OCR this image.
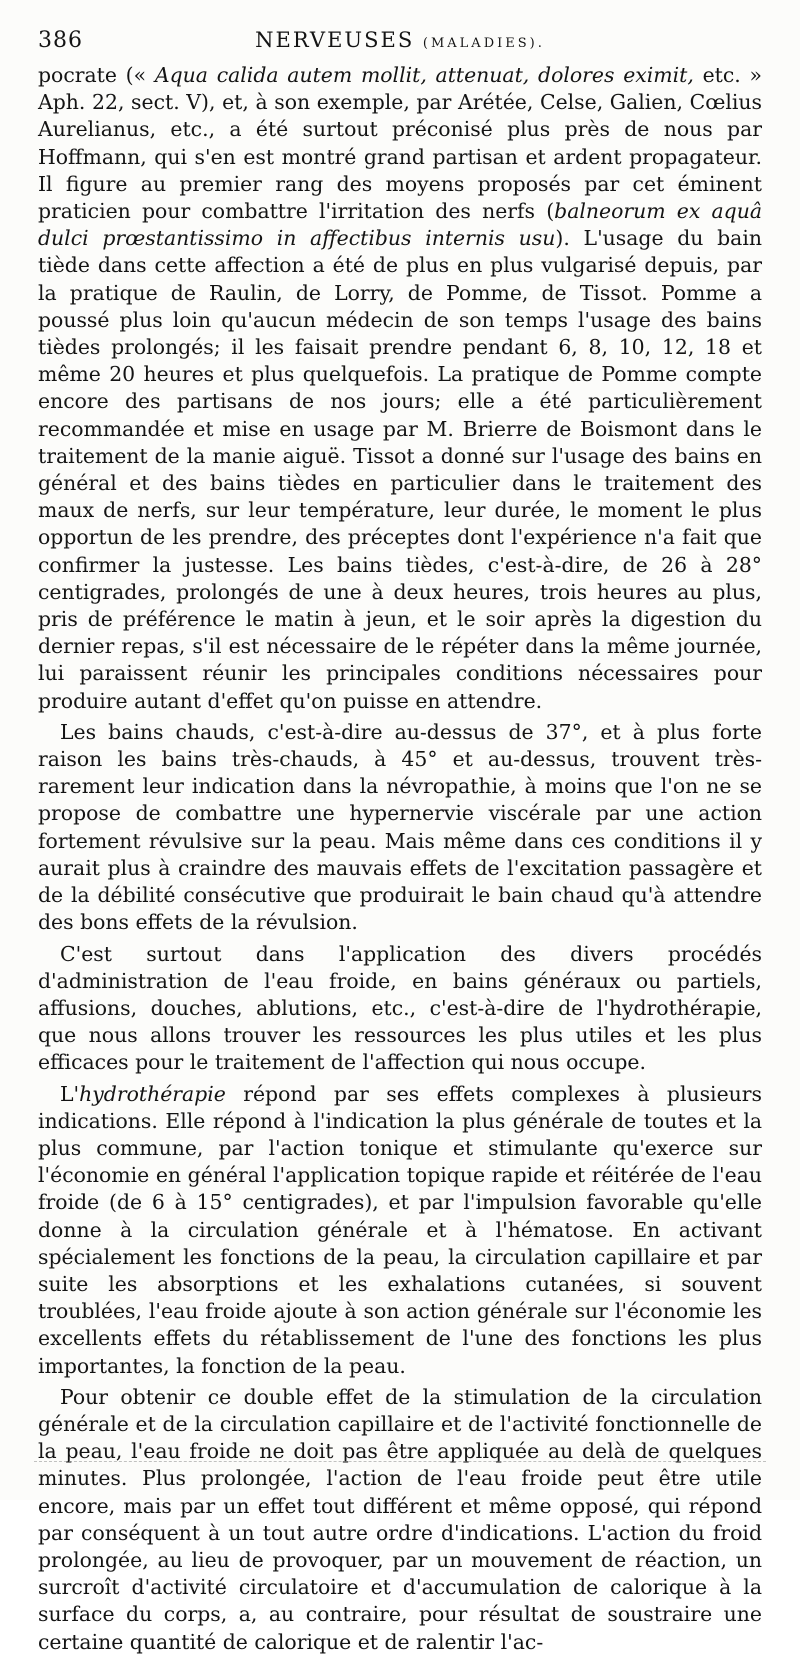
386	NERVEUSES (MALADIES).

pocrate (« Aqua calida autem mollit, attenuat, dolores eximit, etc. » Aph. 22, sect. V), et, à son exemple, par Arétée, Celse, Galien, Cœlius Aurelianus, etc., a été surtout préconisé plus près de nous par Hoffmann, qui s'en est montré grand partisan et ardent propagateur. Il figure au premier rang des moyens proposés par cet éminent praticien pour combattre l'irritation des nerfs (balneorum ex aquâ dulci prœstantissimo in affectibus internis usu). L'usage du bain tiède dans cette affection a été de plus en plus vulgarisé depuis, par la pratique de Raulin, de Lorry, de Pomme, de Tissot. Pomme a poussé plus loin qu'aucun médecin de son temps l'usage des bains tièdes prolongés; il les faisait prendre pendant 6, 8, 10, 12, 18 et même 20 heures et plus quelquefois. La pratique de Pomme compte encore des partisans de nos jours; elle a été particulièrement recommandée et mise en usage par M. Brierre de Boismont dans le traitement de la manie aiguë. Tissot a donné sur l'usage des bains en général et des bains tièdes en particulier dans le traitement des maux de nerfs, sur leur température, leur durée, le moment le plus opportun de les prendre, des préceptes dont l'expérience n'a fait que confirmer la justesse. Les bains tièdes, c'est-à-dire, de 26 à 28° centigrades, prolongés de une à deux heures, trois heures au plus, pris de préférence le matin à jeun, et le soir après la digestion du dernier repas, s'il est nécessaire de le répéter dans la même journée, lui paraissent réunir les principales conditions nécessaires pour produire autant d'effet qu'on puisse en attendre.

Les bains chauds, c'est-à-dire au-dessus de 37°, et à plus forte raison les bains très-chauds, à 45° et au-dessus, trouvent très-rarement leur indication dans la névropathie, à moins que l'on ne se propose de combattre une hypernervie viscérale par une action fortement révulsive sur la peau. Mais même dans ces conditions il y aurait plus à craindre des mauvais effets de l'excitation passagère et de la débilité consécutive que produirait le bain chaud qu'à attendre des bons effets de la révulsion.

C'est surtout dans l'application des divers procédés d'administration de l'eau froide, en bains généraux ou partiels, affusions, douches, ablutions, etc., c'est-à-dire de l'hydrothérapie, que nous allons trouver les ressources les plus utiles et les plus efficaces pour le traitement de l'affection qui nous occupe.

L'hydrothérapie répond par ses effets complexes à plusieurs indications. Elle répond à l'indication la plus générale de toutes et la plus commune, par l'action tonique et stimulante qu'exerce sur l'économie en général l'application topique rapide et réitérée de l'eau froide (de 6 à 15° centigrades), et par l'impulsion favorable qu'elle donne à la circulation générale et à l'hématose. En activant spécialement les fonctions de la peau, la circulation capillaire et par suite les absorptions et les exhalations cutanées, si souvent troublées, l'eau froide ajoute à son action générale sur l'économie les excellents effets du rétablissement de l'une des fonctions les plus importantes, la fonction de la peau.

Pour obtenir ce double effet de la stimulation de la circulation générale et de la circulation capillaire et de l'activité fonctionnelle de la peau, l'eau froide ne doit pas être appliquée au delà de quelques minutes. Plus prolongée, l'action de l'eau froide peut être utile encore, mais par un effet tout différent et même opposé, qui répond par conséquent à un tout autre ordre d'indications. L'action du froid prolongée, au lieu de provoquer, par un mouvement de réaction, un surcroît d'activité circulatoire et d'accumulation de calorique à la surface du corps, a, au contraire, pour résultat de soustraire une certaine quantité de calorique et de ralentir l'ac-
